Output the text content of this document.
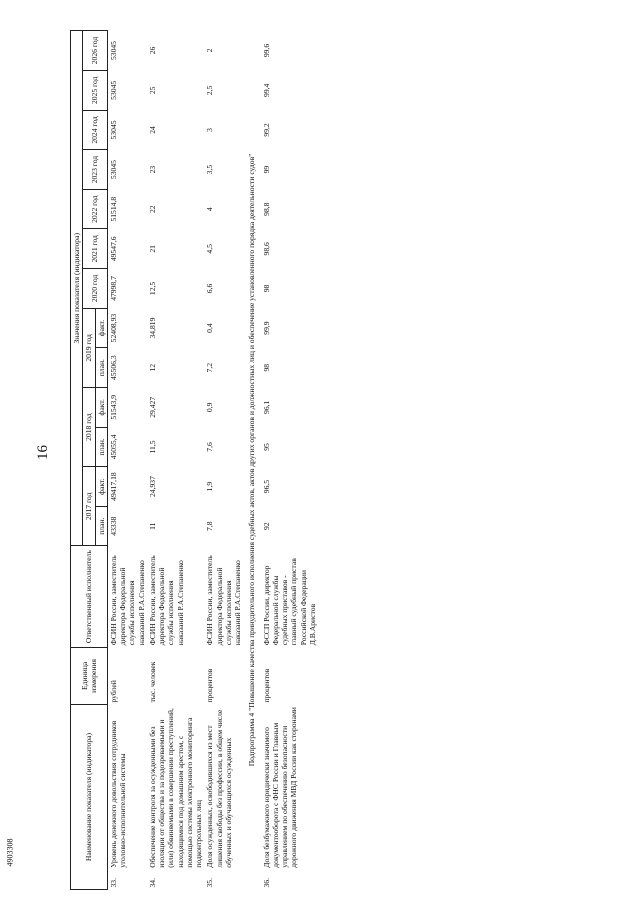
16
4903308	Наименование показателя (индикатора)		Единица измерения	Ответственный исполнитель	Значения показателя (индикатора)												
				2017 год		2018 год		2019 год		2020 год	2021 год	2022 год	2023 год	2024 год	2025 год	2026 год
				план.	факт.	план.	факт.	план.	факт.							
33.	Уровень денежного довольствия сотрудников уголовно-исполнительной системы	рублей	ФСИН России, заместитель директора Федеральной службы исполнения наказаний Р.А.Степаненко	43338	49417,18	45055,4	51543,9	45506,3	52408,93	47998,7	49547,6	51514,8	53045	53045	53045	53045
34.	Обеспечение контроля за осужденными без изоляции от общества и за подозреваемыми и (или) обвиняемыми в совершении преступлений, находящимися под домашним арестом, с помощью системы электронного мониторинга подконтрольных лиц	тыс. человек	ФСИН России, заместитель директора Федеральной службы исполнения наказаний Р.А.Степаненко	11	24,937	11,5	29,427	12	34,819	12,5	21	22	23	24	25	26
35.	Доля осужденных, освободившихся из мест лишения свободы без профессии, в общем числе обученных и обучающихся осужденных	процентов	ФСИН России, заместитель директора Федеральной службы исполнения наказаний Р.А.Степаненко	7,8	1,9	7,6	0,9	7,2	0,4	6,6	4,5	4	3,5	3	2,5	2
Подпрограмма 4 "Повышение качества принудительного исполнения судебных актов, актов других органов и должностных лиц и обеспечение установленного порядка деятельности судов"																
36.	Доля безбумажного юридически значимого документооборота с ФНС России и Главным управлением по обеспечению безопасности дорожного движения МВД России как сторонами	процентов	ФССП России, директор Федеральной службы судебных приставов - главный судебный пристав Российской Федерации Д.В.Аристов	92	96,5	95	96,1	98	99,9	98	98,6	98,8	99	99,2	99,4	99,6
